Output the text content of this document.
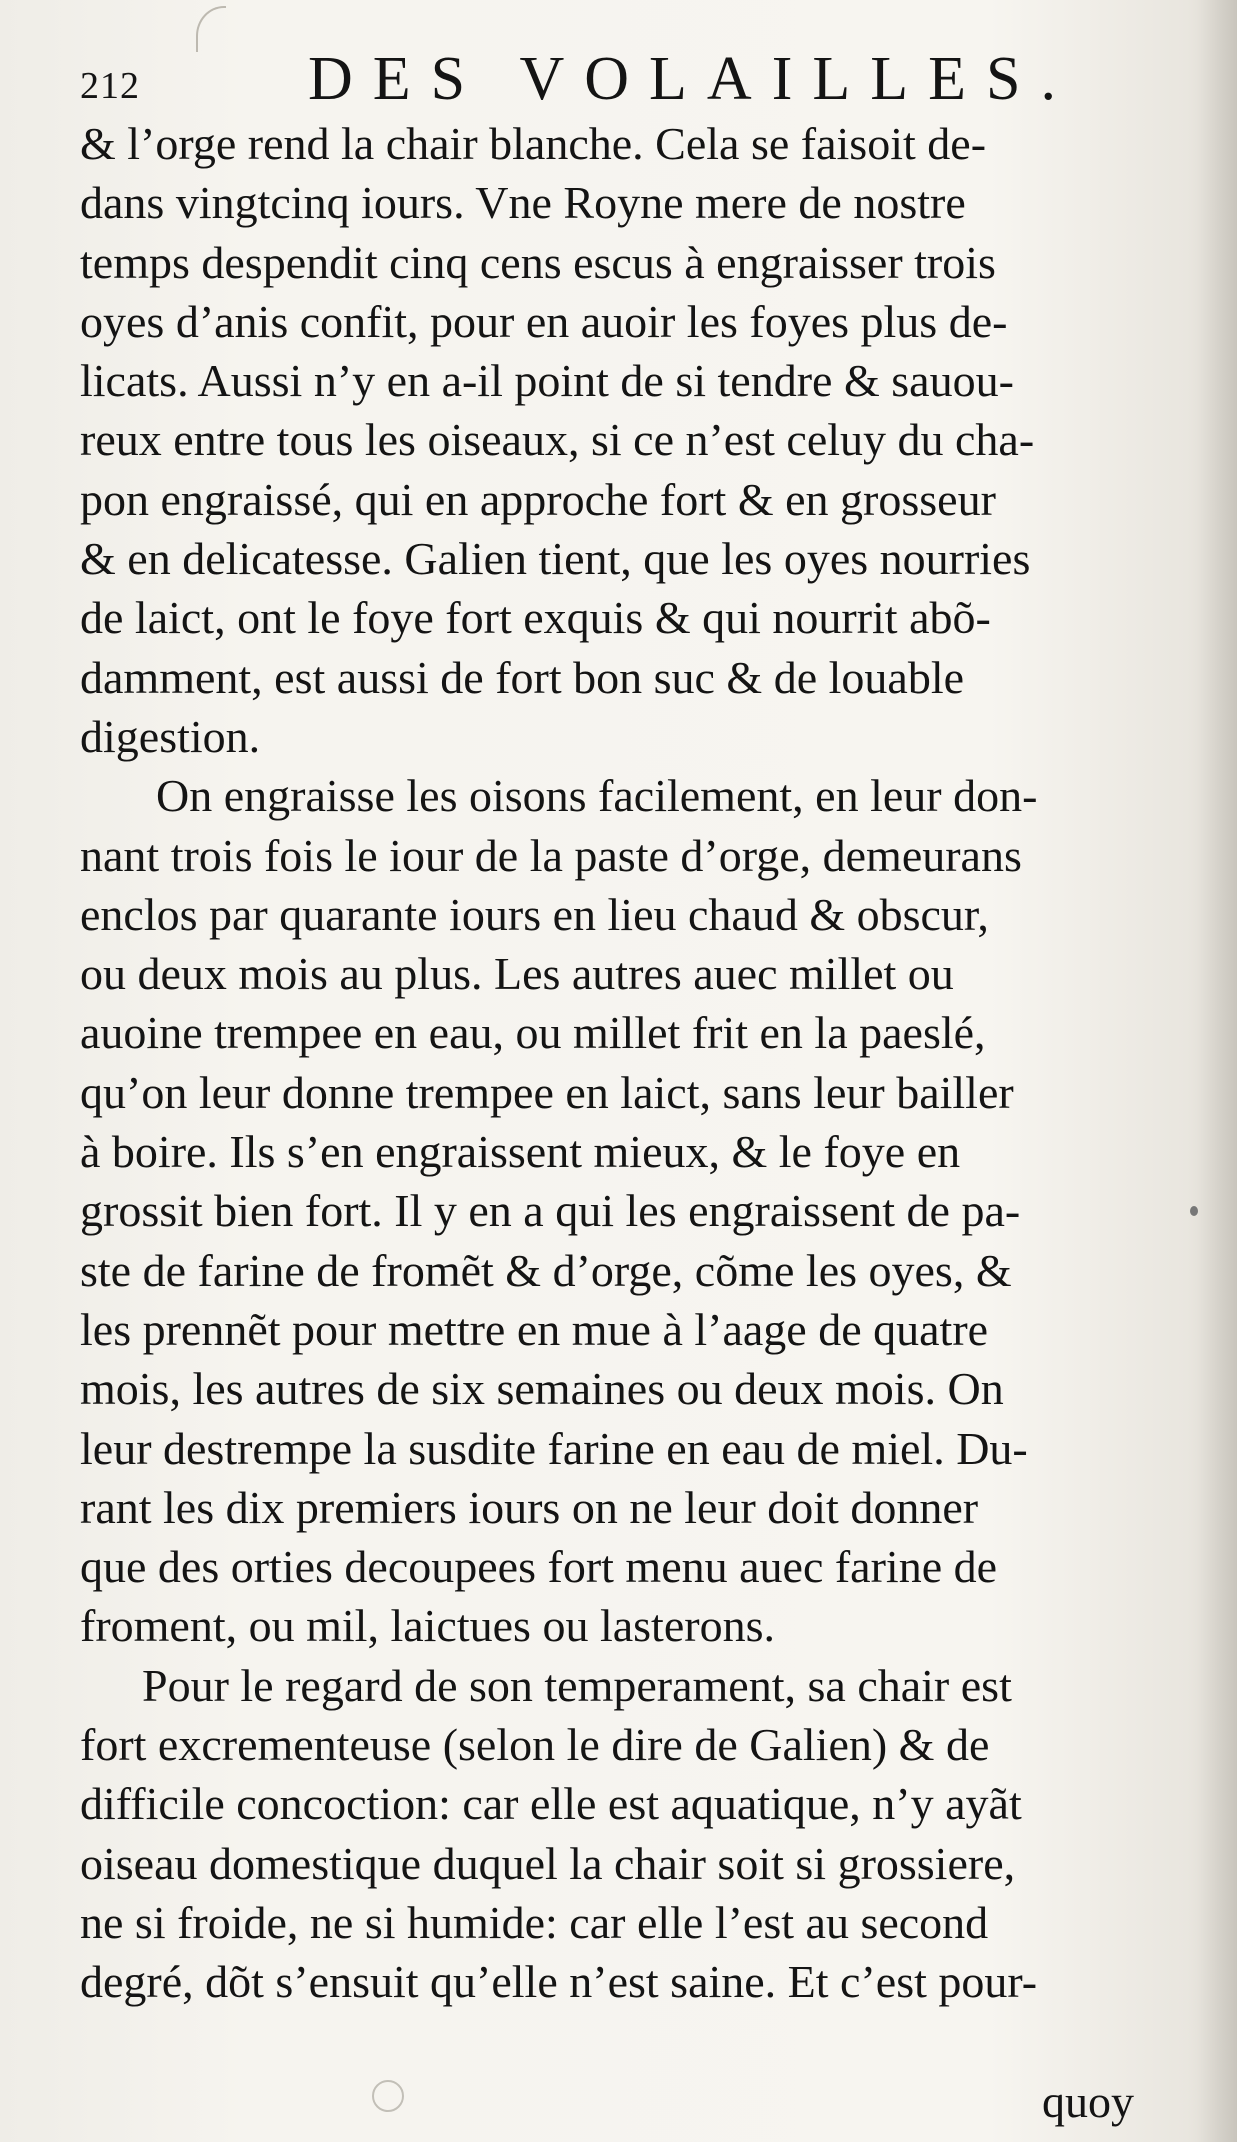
212	DES VOLAILLES.
& l’orge rend la chair blanche. Cela se faisoit de-
dans vingtcinq iours. Vne Royne mere de nostre
temps despendit cinq cens escus à engraisser trois
oyes d’anis confit, pour en auoir les foyes plus de-
licats. Aussi n’y en a-il point de si tendre & sauou-
reux entre tous les oiseaux, si ce n’est celuy du cha-
pon engraissé, qui en approche fort & en grosseur
& en delicatesse. Galien tient, que les oyes nourries
de laict, ont le foye fort exquis & qui nourrit abõ-
damment, est aussi de fort bon suc & de louable
digestion.
On engraisse les oisons facilement, en leur don-
nant trois fois le iour de la paste d’orge, demeurans
enclos par quarante iours en lieu chaud & obscur,
ou deux mois au plus. Les autres auec millet ou
auoine trempee en eau, ou millet frit en la paeslé,
qu’on leur donne trempee en laict, sans leur bailler
à boire. Ils s’en engraissent mieux, & le foye en
grossit bien fort. Il y en a qui les engraissent de pa-
ste de farine de fromẽt & d’orge, cõme les oyes, &
les prennẽt pour mettre en mue à l’aage de quatre
mois, les autres de six semaines ou deux mois. On
leur destrempe la susdite farine en eau de miel. Du-
rant les dix premiers iours on ne leur doit donner
que des orties decoupees fort menu auec farine de
froment, ou mil, laictues ou lasterons.
Pour le regard de son temperament, sa chair est
fort excrementeuse (selon le dire de Galien) & de
difficile concoction: car elle est aquatique, n’y ayãt
oiseau domestique duquel la chair soit si grossiere,
ne si froide, ne si humide: car elle l’est au second
degré, dõt s’ensuit qu’elle n’est saine. Et c’est pour-
quoy
